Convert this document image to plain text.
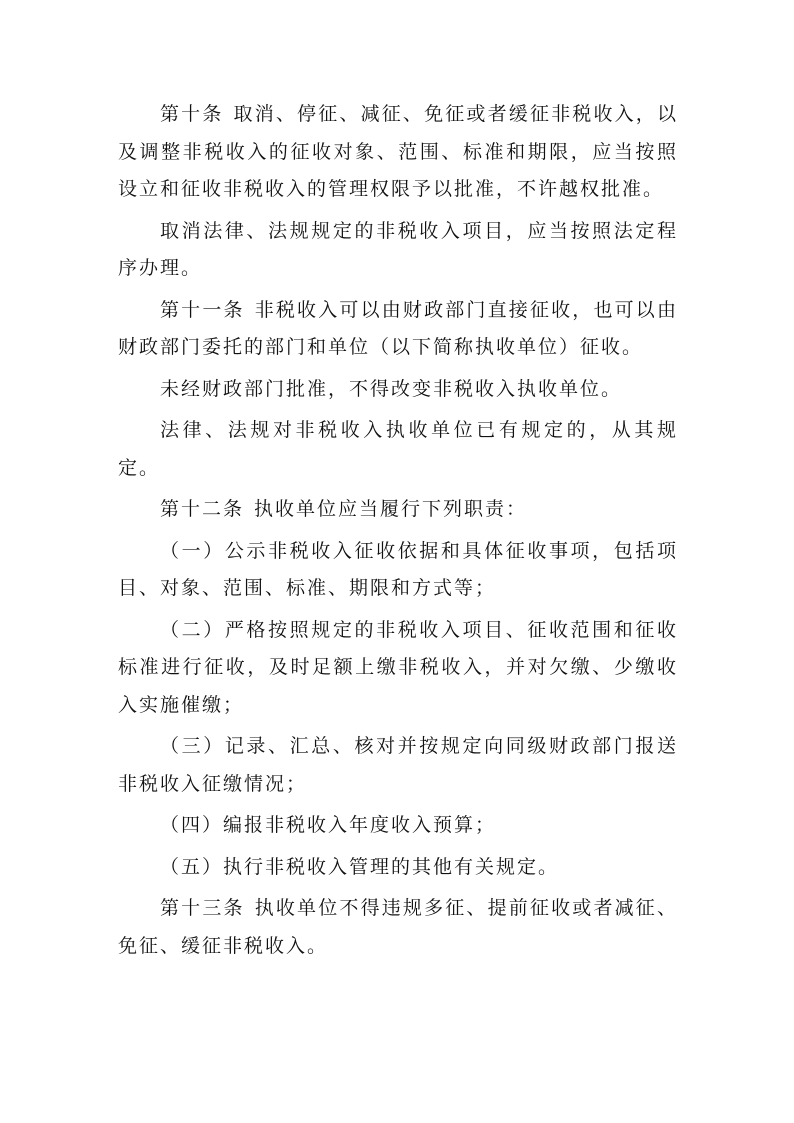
第十条 取消、停征、减征、免征或者缓征非税收入，以及调整非税收入的征收对象、范围、标准和期限，应当按照设立和征收非税收入的管理权限予以批准，不许越权批准。

取消法律、法规规定的非税收入项目，应当按照法定程序办理。

第十一条 非税收入可以由财政部门直接征收，也可以由财政部门委托的部门和单位（以下简称执收单位）征收。

未经财政部门批准，不得改变非税收入执收单位。

法律、法规对非税收入执收单位已有规定的，从其规定。

第十二条 执收单位应当履行下列职责：

（一）公示非税收入征收依据和具体征收事项，包括项目、对象、范围、标准、期限和方式等；

（二）严格按照规定的非税收入项目、征收范围和征收标准进行征收，及时足额上缴非税收入，并对欠缴、少缴收入实施催缴；

（三）记录、汇总、核对并按规定向同级财政部门报送非税收入征缴情况；

（四）编报非税收入年度收入预算；

（五）执行非税收入管理的其他有关规定。

第十三条 执收单位不得违规多征、提前征收或者减征、免征、缓征非税收入。
